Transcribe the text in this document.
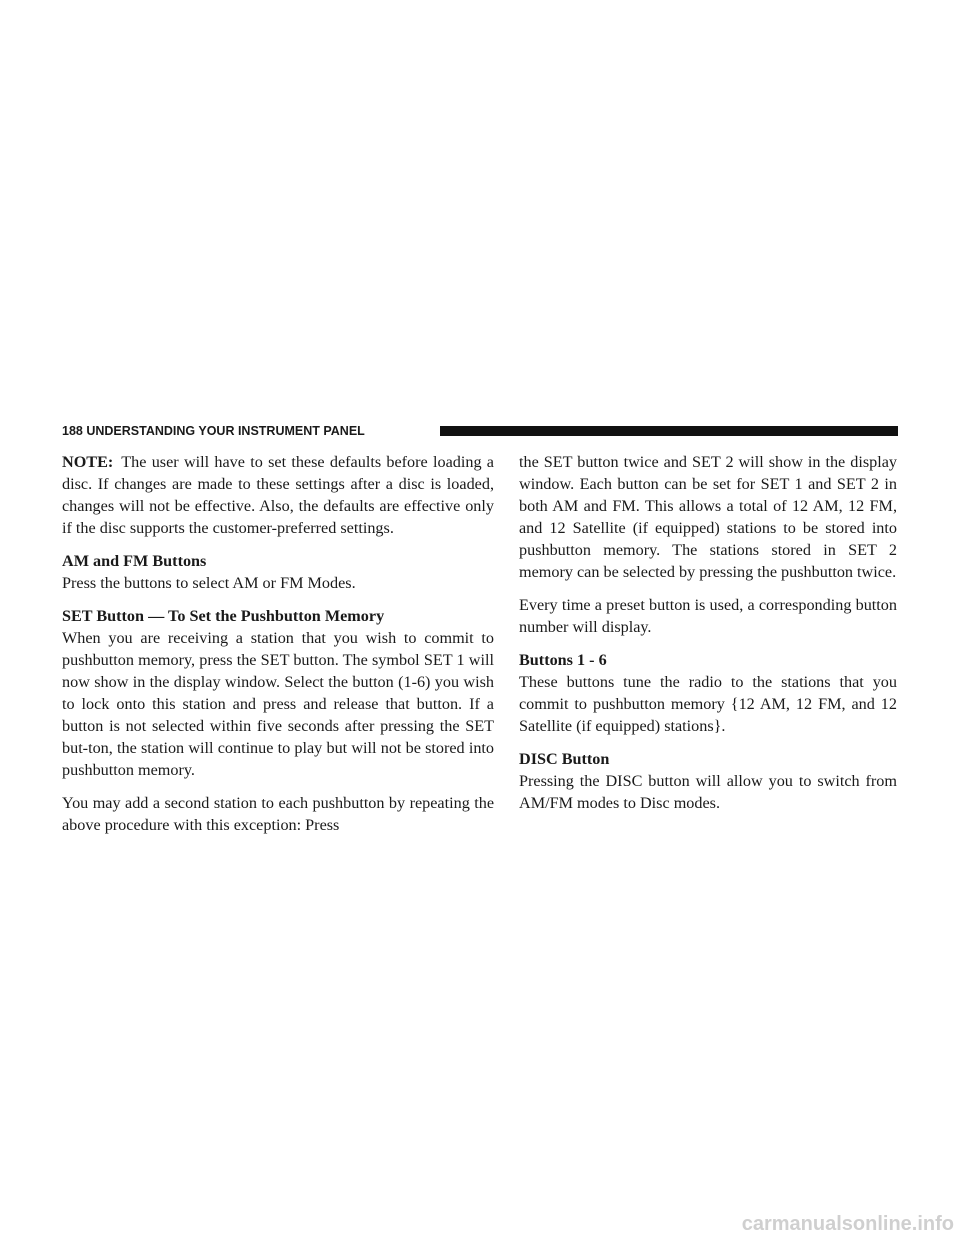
188 UNDERSTANDING YOUR INSTRUMENT PANEL

NOTE: The user will have to set these defaults before loading a disc. If changes are made to these settings after a disc is loaded, changes will not be effective. Also, the defaults are effective only if the disc supports the customer-preferred settings.

AM and FM Buttons

Press the buttons to select AM or FM Modes.

SET Button — To Set the Pushbutton Memory

When you are receiving a station that you wish to commit to pushbutton memory, press the SET button. The symbol SET 1 will now show in the display window. Select the button (1-6) you wish to lock onto this station and press and release that button. If a button is not selected within five seconds after pressing the SET but-ton, the station will continue to play but will not be stored into pushbutton memory.

You may add a second station to each pushbutton by repeating the above procedure with this exception: Press

the SET button twice and SET 2 will show in the display window. Each button can be set for SET 1 and SET 2 in both AM and FM. This allows a total of 12 AM, 12 FM, and 12 Satellite (if equipped) stations to be stored into pushbutton memory. The stations stored in SET 2 memory can be selected by pressing the pushbutton twice.

Every time a preset button is used, a corresponding button number will display.

Buttons 1 - 6

These buttons tune the radio to the stations that you commit to pushbutton memory {12 AM, 12 FM, and 12 Satellite (if equipped) stations}.

DISC Button

Pressing the DISC button will allow you to switch from AM/FM modes to Disc modes.

carmanualsonline.info
